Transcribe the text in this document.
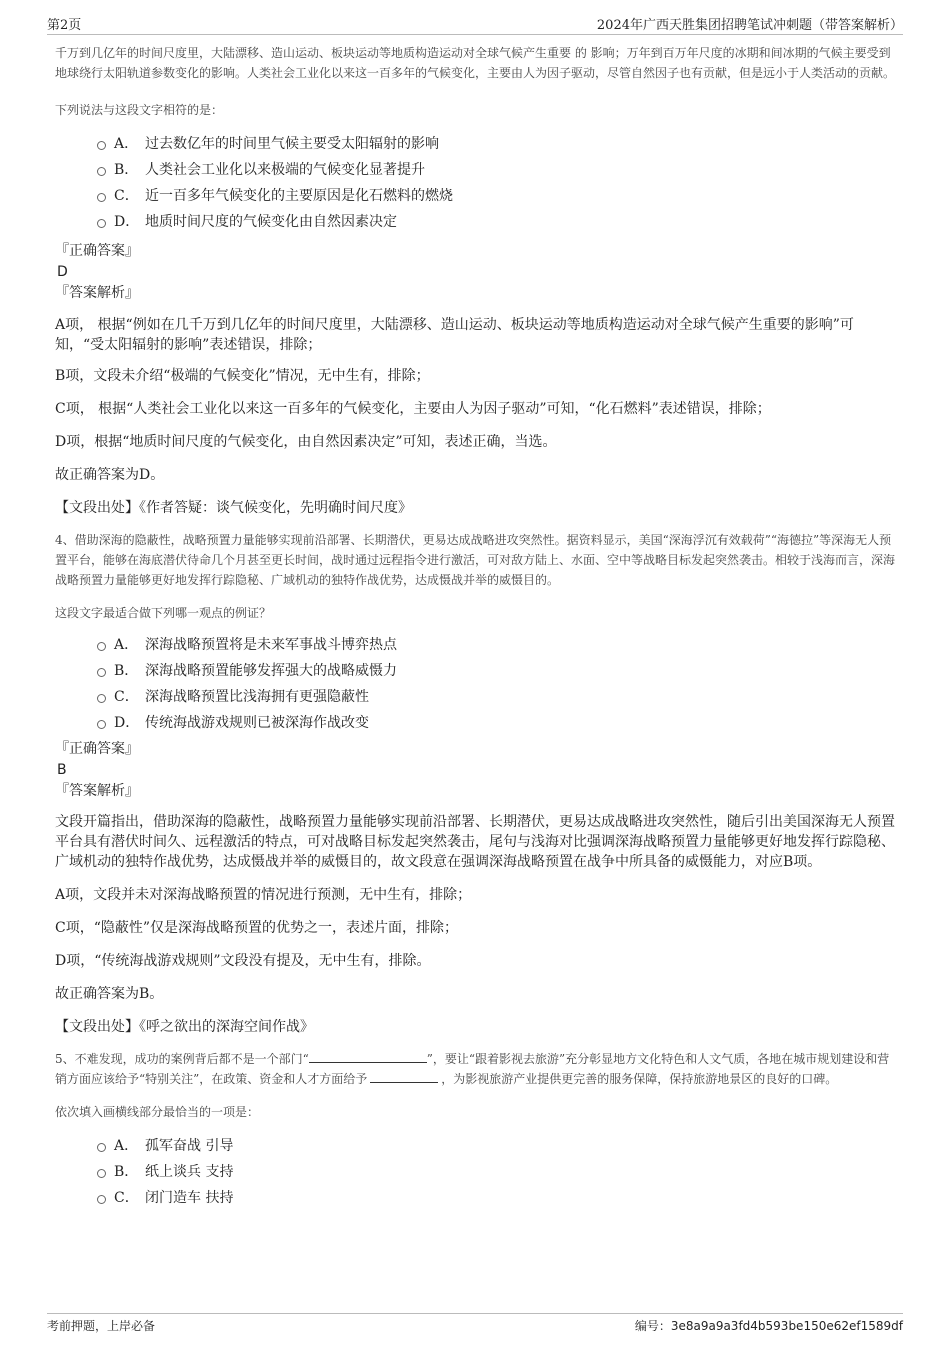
第2页	2024年广西天胜集团招聘笔试冲刺题（带答案解析）

千万到几亿年的时间尺度里，大陆漂移、造山运动、板块运动等地质构造运动对全球气候产生重要 的 影响；万年到百万年尺度的冰期和间冰期的气候主要受到地球绕行太阳轨道参数变化的影响。人类社会工业化以来这一百多年的气候变化，主要由人为因子驱动，尽管自然因子也有贡献，但是远小于人类活动的贡献。

下列说法与这段文字相符的是：

A． 过去数亿年的时间里气候主要受太阳辐射的影响
B． 人类社会工业化以来极端的气候变化显著提升
C． 近一百多年气候变化的主要原因是化石燃料的燃烧
D． 地质时间尺度的气候变化由自然因素决定

『正确答案』

D

『答案解析』

A项， 根据“例如在几千万到几亿年的时间尺度里，大陆漂移、造山运动、板块运动等地质构造运动对全球气候产生重要的影响”可知，“受太阳辐射的影响”表述错误，排除；

B项，文段未介绍“极端的气候变化”情况，无中生有，排除；

C项， 根据“人类社会工业化以来这一百多年的气候变化，主要由人为因子驱动”可知，“化石燃料”表述错误，排除；

D项，根据“地质时间尺度的气候变化，由自然因素决定”可知，表述正确，当选。

故正确答案为D。

【文段出处】《作者答疑：谈气候变化，先明确时间尺度》

4、借助深海的隐蔽性，战略预置力量能够实现前沿部署、长期潜伏，更易达成战略进攻突然性。据资料显示，美国“深海浮沉有效载荷”“海德拉”等深海无人预置平台，能够在海底潜伏待命几个月甚至更长时间，战时通过远程指令进行激活，可对敌方陆上、水面、空中等战略目标发起突然袭击。相较于浅海而言，深海战略预置力量能够更好地发挥行踪隐秘、广域机动的独特作战优势，达成慑战并举的威慑目的。

这段文字最适合做下列哪一观点的例证？

A． 深海战略预置将是未来军事战斗博弈热点
B． 深海战略预置能够发挥强大的战略威慑力
C． 深海战略预置比浅海拥有更强隐蔽性
D． 传统海战游戏规则已被深海作战改变

『正确答案』

B

『答案解析』

文段开篇指出，借助深海的隐蔽性，战略预置力量能够实现前沿部署、长期潜伏，更易达成战略进攻突然性，随后引出美国深海无人预置平台具有潜伏时间久、远程激活的特点，可对战略目标发起突然袭击，尾句与浅海对比强调深海战略预置力量能够更好地发挥行踪隐秘、广域机动的独特作战优势，达成慑战并举的威慑目的，故文段意在强调深海战略预置在战争中所具备的威慑能力，对应B项。

A项，文段并未对深海战略预置的情况进行预测，无中生有，排除；

C项，“隐蔽性”仅是深海战略预置的优势之一，表述片面，排除；

D项，“传统海战游戏规则”文段没有提及，无中生有，排除。

故正确答案为B。

【文段出处】《呼之欲出的深海空间作战》

5、不难发现，成功的案例背后都不是一个部门“	”，要让“跟着影视去旅游”充分彰显地方文化特色和人文气质，各地在城市规划建设和营销方面应该给予“特别关注”，在政策、资金和人才方面给予	，为影视旅游产业提供更完善的服务保障，保持旅游地景区的良好的口碑。

依次填入画横线部分最恰当的一项是：

A． 孤军奋战 引导
B． 纸上谈兵 支持
C． 闭门造车 扶持
考前押题，上岸必备	编号：3e8a9a9a3fd4b593be150e62ef1589df
